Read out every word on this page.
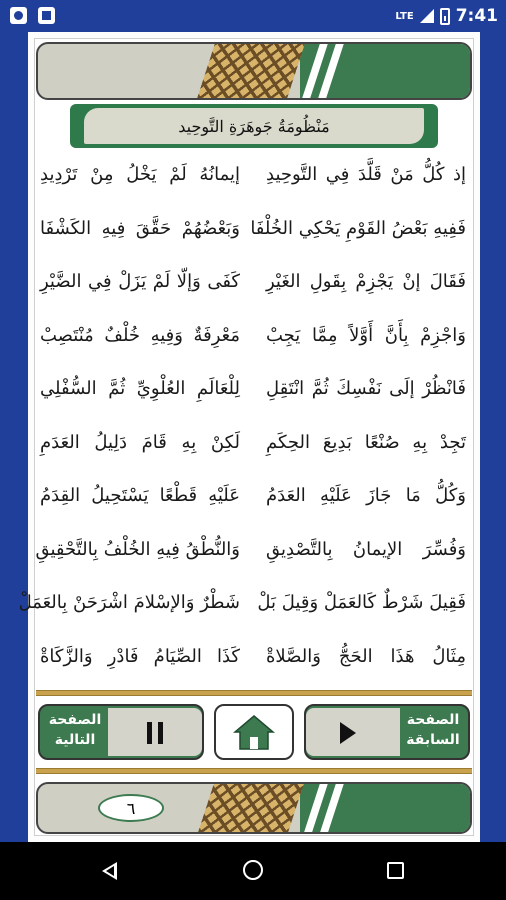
LTE 7:41
مَنْظُومَةُ جَوهَرَةِ التَّوحِيد
إذ كُلُّ مَنْ قَلَّدَ فِي التَّوحِيدِ
إيمانُهُ لَمْ يَخْلُ مِنْ تَرْدِيدِ
فَفِيهِ بَعْضُ القَوْمِ يَحْكِي الخُلْفَا
وَبَعْضُهُمْ حَقَّقَ فِيهِ الكَشْفَا
فَقَالَ إنْ يَجْزِمْ بِقَولِ الغَيْرِ
كَفَى وَإلّا لَمْ يَزَلْ فِي الضَّيْرِ
وَاجْزِمْ بِأَنَّ أَوَّلاً مِمَّا يَجِبْ
مَعْرِفَةٌ وَفِيهِ خُلْفٌ مُنْتَصِبْ
فَانْظُرْ إلَى نَفْسِكَ ثُمَّ انْتَقِلِ
لِلْعَالَمِ العُلْوِيِّ ثُمَّ السُّفْلِي
تَجِدْ بِهِ صُنْعًا بَدِيعَ الحِكَمِ
لَكِنْ بِهِ قَامَ دَلِيلُ العَدَمِ
وَكُلُّ مَا جَازَ عَلَيْهِ العَدَمُ
عَلَيْهِ قَطْعًا يَسْتَحِيلُ القِدَمُ
وَفُسِّرَ الإيمانُ بِالتَّصْدِيقِ
وَالنُّطْقُ فِيهِ الخُلْفُ بِالتَّحْقِيقِ
فَقِيلَ شَرْطٌ كَالعَمَلْ وَقِيلَ بَلْ
شَطْرٌ وَالإسْلامَ اشْرَحَنْ بِالعَمَلْ
مِثَالُ هَذَا الحَجُّ وَالصَّلاةْ
كَذَا الصِّيَامُ فَادْرِ وَالزَّكَاةْ
الصفحة التالية
الصفحة السابقة
٦
